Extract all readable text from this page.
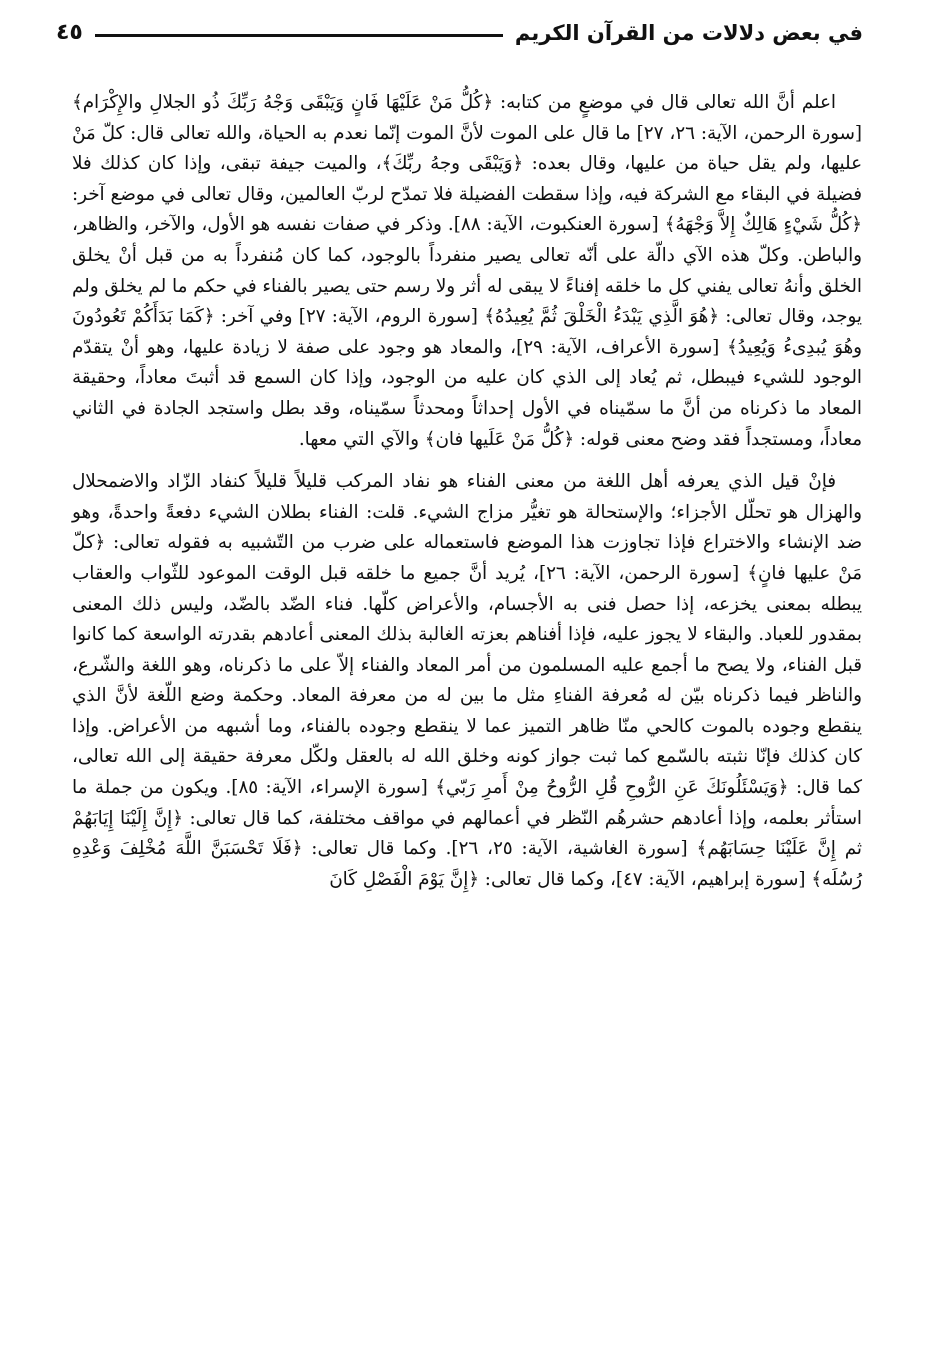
في بعض دلالات من القرآن الكريم
٤٥

اعلم أنَّ الله تعالى قال في موضعٍ من كتابه: ﴿كُلُّ مَنْ عَلَيْهَا فَانٍ وَيَبْقَى وَجْهُ رَبِّكَ ذُو الجلالِ والإِكْرَام﴾ [سورة الرحمن، الآية: ٢٦، ٢٧] ما قال على الموت لأنَّ الموت إنّما نعدم به الحياة، والله تعالى قال: كلّ مَنْ عليها، ولم يقل حياة من عليها، وقال بعده: ﴿وَيَبْقَى وجهُ ربِّكَ﴾، والميت جيفة تبقى، وإذا كان كذلك فلا فضيلة في البقاء مع الشركة فيه، وإذا سقطت الفضيلة فلا تمدّح لربّ العالمين، وقال تعالى في موضع آخر: ﴿كُلُّ شَيْءٍ هَالِكٌ إِلاَّ وَجْهَهُ﴾ [سورة العنكبوت، الآية: ٨٨]. وذكر في صفات نفسه هو الأول، والآخر، والظاهر، والباطن. وكلّ هذه الآي دالّة على أنّه تعالى يصير منفرداً بالوجود، كما كان مُنفرداً به من قبل أنْ يخلق الخلق وأنهُ تعالى يفني كل ما خلقه إفناءً لا يبقى له أثر ولا رسم حتى يصير بالفناء في حكم ما لم يخلق ولم يوجد، وقال تعالى: ﴿هُوَ الَّذِي يَبْدَءُ الْخَلْقَ ثُمَّ يُعِيدُهُ﴾ [سورة الروم، الآية: ٢٧] وفي آخر: ﴿كَمَا بَدَأَكُمْ تَعُودُونَ وهُوَ يُبدِىءُ وَيُعِيدُ﴾ [سورة الأعراف، الآية: ٢٩]، والمعاد هو وجود على صفة لا زيادة عليها، وهو أنْ يتقدّم الوجود للشيء فيبطل، ثم يُعاد إلى الذي كان عليه من الوجود، وإذا كان السمع قد أثبتَ معاداً، وحقيقة المعاد ما ذكرناه من أنَّ ما سمّيناه في الأول إحداثاً ومحدثاً سمّيناه، وقد بطل واستجد الجادة في الثاني معاداً، ومستجداً فقد وضح معنى قوله: ﴿كُلُّ مَنْ عَلَيها فان﴾ والآي التي معها.

فإنْ قيل الذي يعرفه أهل اللغة من معنى الفناء هو نفاد المركب قليلاً قليلاً كنفاد الزّاد والاضمحلال والهزال هو تحلّل الأجزاء؛ والإستحالة هو تغيُّر مزاج الشيء. قلت: الفناء بطلان الشيء دفعةً واحدةً، وهو ضد الإنشاء والاختراع فإذا تجاوزت هذا الموضع فاستعماله على ضرب من التّشبيه به فقوله تعالى: ﴿كلّ مَنْ عليها فانٍ﴾ [سورة الرحمن، الآية: ٢٦]، يُريد أنَّ جميع ما خلقه قبل الوقت الموعود للثّواب والعقاب يبطله بمعنى يخزعه، إذا حصل فنى به الأجسام، والأعراض كلّها. فناء الضّد بالضّد، وليس ذلك المعنى بمقدور للعباد. والبقاء لا يجوز عليه، فإذا أفناهم بعزته الغالبة بذلك المعنى أعادهم بقدرته الواسعة كما كانوا قبل الفناء، ولا يصح ما أجمع عليه المسلمون من أمر المعاد والفناء إلاّ على ما ذكرناه، وهو اللغة والشّرع، والناظر فيما ذكرناه بيّن له مُعرفة الفناءِ مثل ما بين له من معرفة المعاد. وحكمة وضع اللّغة لأنَّ الذي ينقطع وجوده بالموت كالحي منّا ظاهر التميز عما لا ينقطع وجوده بالفناء، وما أشبهه من الأعراض. وإذا كان كذلك فإنّا نثبته بالسّمع كما ثبت جواز كونه وخلق الله له بالعقل ولكّل معرفة حقيقة إلى الله تعالى، كما قال: ﴿وَيَسْئَلُونَكَ عَنِ الرُّوحِ قُلِ الرُّوحُ مِنْ أَمرِ رَبّي﴾ [سورة الإسراء، الآية: ٨٥]. ويكون من جملة ما استأثر بعلمه، وإذا أعادهم حشرهُم النّظر في أعمالهم في مواقف مختلفة، كما قال تعالى: ﴿إِنَّ إِلَيْنَا إِيَابَهُمْ ثم إِنَّ عَلَيْنَا حِسَابَهُم﴾ [سورة الغاشية، الآية: ٢٥، ٢٦]. وكما قال تعالى: ﴿فَلَا تَحْسَبَنَّ اللَّهَ مُخْلِفَ وَعْدِهِ رُسُلَه﴾ [سورة إبراهيم، الآية: ٤٧]، وكما قال تعالى: ﴿إِنَّ يَوْمَ الْفَصْلِ كَانَ
